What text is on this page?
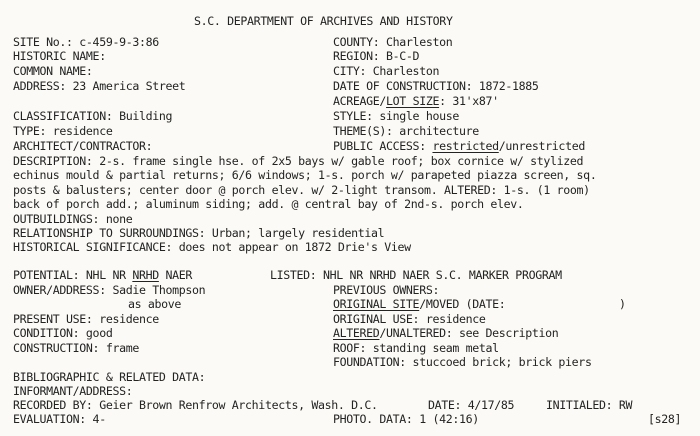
S.C. DEPARTMENT OF ARCHIVES AND HISTORY
SITE No.: c-459-9-3:86
HISTORIC NAME:
COMMON NAME:
ADDRESS: 23 America Street
COUNTY: Charleston
REGION: B-C-D
CITY: Charleston
DATE OF CONSTRUCTION: 1872-1885
ACREAGE/LOT SIZE: 31'x87'
CLASSIFICATION: Building
TYPE: residence
ARCHITECT/CONTRACTOR:
STYLE: single house
THEME(S): architecture
PUBLIC ACCESS: restricted/unrestricted
DESCRIPTION: 2-s. frame single hse. of 2x5 bays w/ gable roof; box cornice w/ stylized
echinus mould & partial returns; 6/6 windows; 1-s. porch w/ parapeted piazza screen, sq.
posts & balusters; center door @ porch elev. w/ 2-light transom. ALTERED: 1-s. (1 room)
back of porch add.; aluminum siding; add. @ central bay of 2nd-s. porch elev.
OUTBUILDINGS: none
RELATIONSHIP TO SURROUNDINGS: Urban; largely residential
HISTORICAL SIGNIFICANCE: does not appear on 1872 Drie's View
POTENTIAL: NHL NR NRHD NAER	LISTED: NHL NR NRHD NAER S.C. MARKER PROGRAM
OWNER/ADDRESS: Sadie Thompson
as above
PREVIOUS OWNERS:
ORIGINAL SITE/MOVED (DATE:	)
PRESENT USE: residence	ORIGINAL USE: residence
CONDITION: good	ALTERED/UNALTERED: see Description
CONSTRUCTION: frame	ROOF: standing seam metal
FOUNDATION: stuccoed brick; brick piers
BIBLIOGRAPHIC & RELATED DATA:
INFORMANT/ADDRESS:
RECORDED BY: Geier Brown Renfrow Architects, Wash. D.C.	DATE: 4/17/85	INITIALED: RW
EVALUATION: 4-	PHOTO. DATA: 1 (42:16)	[s28]
